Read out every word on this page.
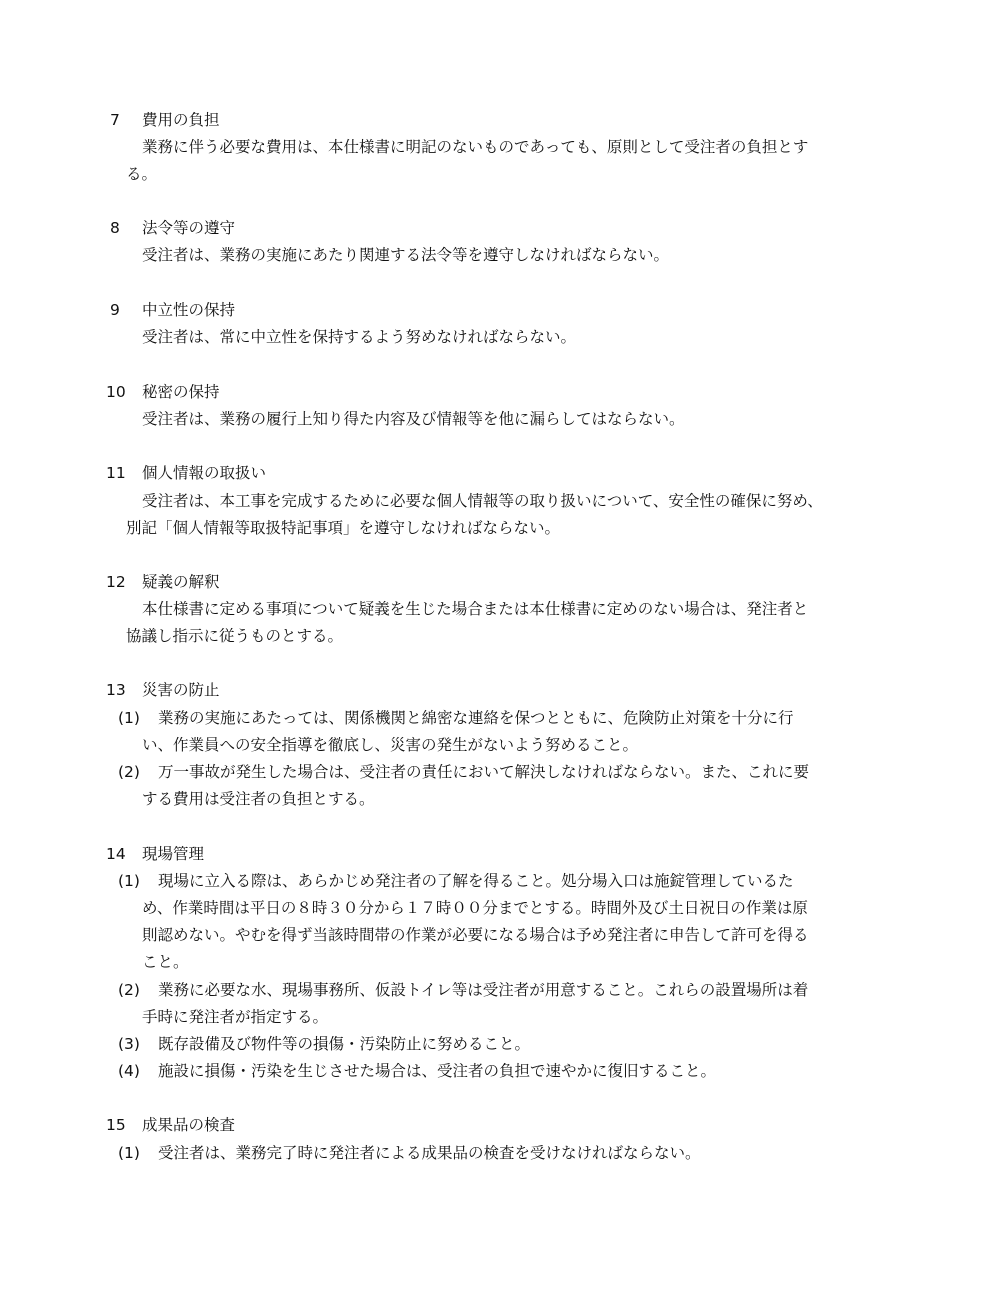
7 費用の負担
業務に伴う必要な費用は、本仕様書に明記のないものであっても、原則として受注者の負担とす
る。
8 法令等の遵守
受注者は、業務の実施にあたり関連する法令等を遵守しなければならない。
9 中立性の保持
受注者は、常に中立性を保持するよう努めなければならない。
10 秘密の保持
受注者は、業務の履行上知り得た内容及び情報等を他に漏らしてはならない。
11 個人情報の取扱い
受注者は、本工事を完成するために必要な個人情報等の取り扱いについて、安全性の確保に努め、
別記「個人情報等取扱特記事項」を遵守しなければならない。
12 疑義の解釈
本仕様書に定める事項について疑義を生じた場合または本仕様書に定めのない場合は、発注者と
協議し指示に従うものとする。
13 災害の防止
(1) 業務の実施にあたっては、関係機関と綿密な連絡を保つとともに、危険防止対策を十分に行
い、作業員への安全指導を徹底し、災害の発生がないよう努めること。
(2) 万一事故が発生した場合は、受注者の責任において解決しなければならない。また、これに要
する費用は受注者の負担とする。
14 現場管理
(1) 現場に立入る際は、あらかじめ発注者の了解を得ること。処分場入口は施錠管理しているた
め、作業時間は平日の８時３０分から１７時００分までとする。時間外及び土日祝日の作業は原
則認めない。やむを得ず当該時間帯の作業が必要になる場合は予め発注者に申告して許可を得る
こと。
(2) 業務に必要な水、現場事務所、仮設トイレ等は受注者が用意すること。これらの設置場所は着
手時に発注者が指定する。
(3) 既存設備及び物件等の損傷・汚染防止に努めること。
(4) 施設に損傷・汚染を生じさせた場合は、受注者の負担で速やかに復旧すること。
15 成果品の検査
(1) 受注者は、業務完了時に発注者による成果品の検査を受けなければならない。
